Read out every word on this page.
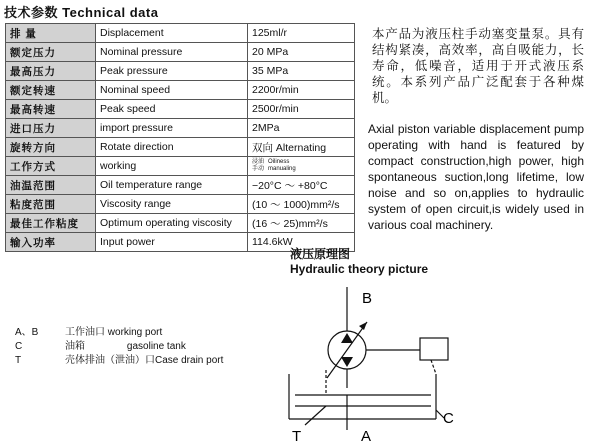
技术参数 Technical data
排 量	Displacement	125ml/r
额定压力	Nominal pressure	20 MPa
最高压力	Peak pressure	35 MPa
额定转速	Nominal speed	2200r/min
最高转速	Peak speed	2500r/min
进口压力	import pressure	2MPa
旋转方向	Rotate direction	双向 Alternating
工作方式	working	浸油
手动Oiliness
manualing
油温范围	Oil temperature range	−20°C ～ +80°C
粘度范围	Viscosity range	(10 ～ 1000)mm²/s
最佳工作粘度	Optimum operating viscosity	(16 ～ 25)mm²/s
输入功率	Input power	114.6kW
本产品为液压柱手动塞变量泵。具有结构紧凑，高效率，高自吸能力，长寿命，低噪音，适用于开式液压系统。本系列产品广泛配套于各种煤机。
Axial piston variable displacement pump operating with hand is featured by compact construction,high power, high spontaneous suction,long lifetime, low noise and so on,applies to hydraulic system of open circuit,is widely used in various coal machinery.
液压原理图
Hydraulic theory picture
A、B	工作油口 working port
C	油箱	gasoline tank
T	壳体排油（泄油）口Case drain port
B
C
T	A
